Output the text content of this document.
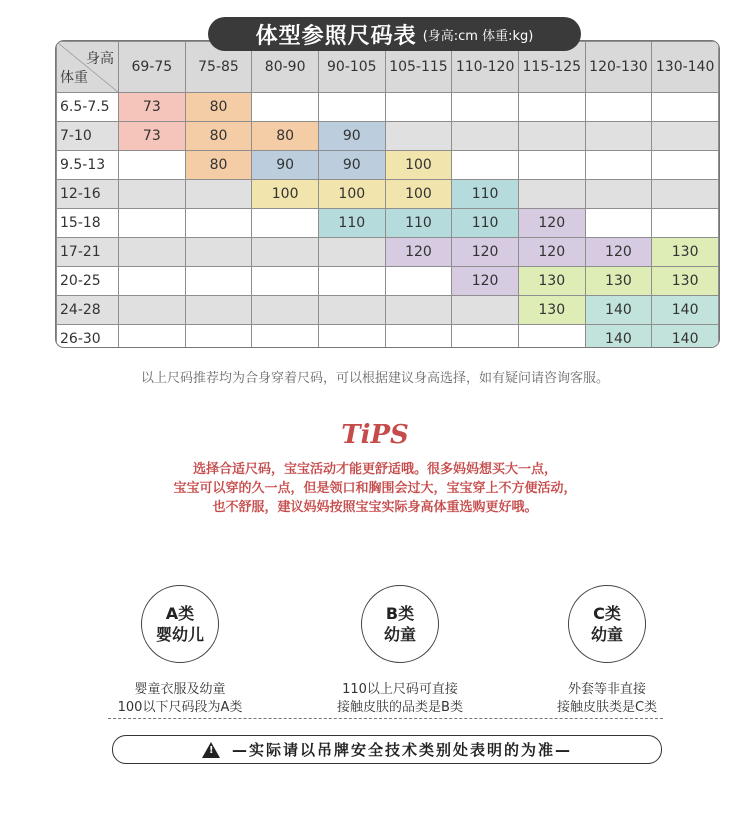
体型参照尺码表 (身高:cm 体重:kg)
身高
体重	69-75	75-85	80-90	90-105	105-115	110-120	115-125	120-130	130-140
6.5-7.5	73	80							
7-10	73	80	80	90					
9.5-13		80	90	90	100				
12-16			100	100	100	110			
15-18				110	110	110	120		
17-21					120	120	120	120	130
20-25						120	130	130	130
24-28							130	140	140
26-30								140	140
以上尺码推荐均为合身穿着尺码，可以根据建议身高选择，如有疑问请咨询客服。
TiPS
选择合适尺码，宝宝活动才能更舒适哦。很多妈妈想买大一点，
宝宝可以穿的久一点，但是领口和胸围会过大，宝宝穿上不方便活动，
也不舒服，建议妈妈按照宝宝实际身高体重选购更好哦。
A类
婴幼儿
婴童衣服及幼童
100以下尺码段为A类
B类
幼童
110以上尺码可直接
接触皮肤的品类是B类
C类
幼童
外套等非直接
接触皮肤类是C类
! —实际请以吊牌安全技术类别处表明的为准—
